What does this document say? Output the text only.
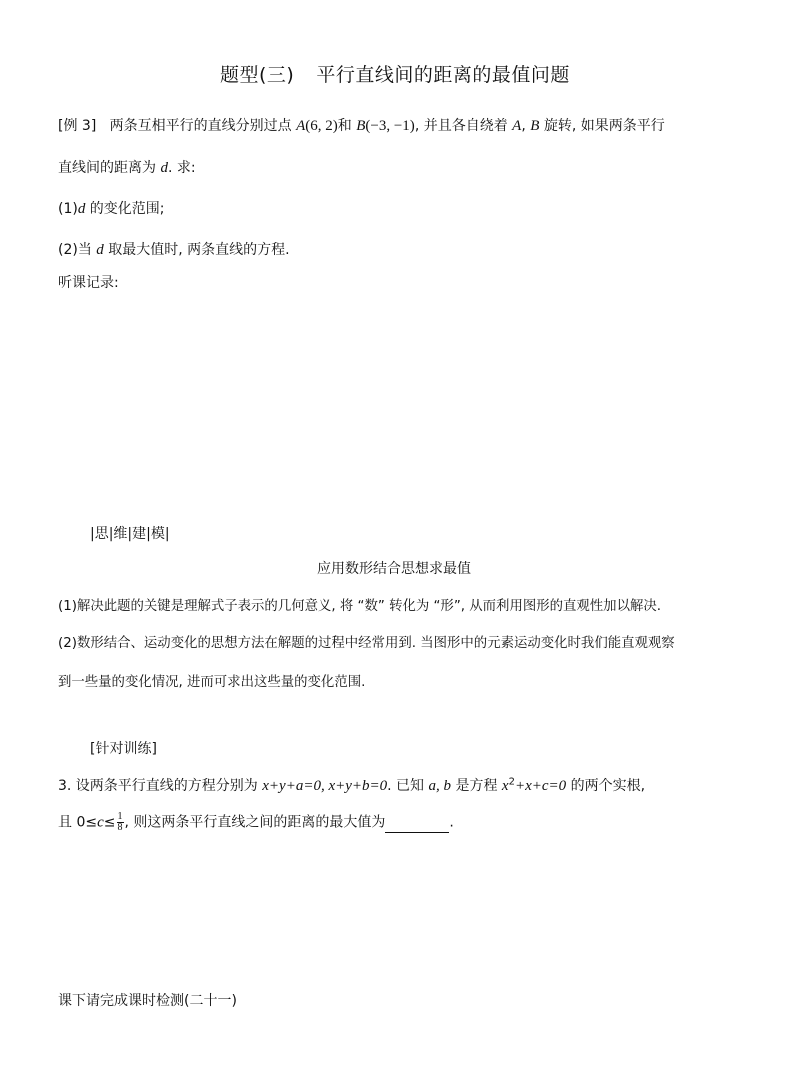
题型(三) 平行直线间的距离的最值问题
[例 3] 两条互相平行的直线分别过点 A(6, 2)和 B(−3, −1), 并且各自绕着 A, B 旋转, 如果两条平行
直线间的距离为 d. 求:
(1)d 的变化范围;
(2)当 d 取最大值时, 两条直线的方程.
听课记录:
|思|维|建|模|
应用数形结合思想求最值
(1)解决此题的关键是理解式子表示的几何意义, 将 “数” 转化为 “形”, 从而利用图形的直观性加以解决.
(2)数形结合、运动变化的思想方法在解题的过程中经常用到. 当图形中的元素运动变化时我们能直观观察
到一些量的变化情况, 进而可求出这些量的变化范围.
[针对训练]
3. 设两条平行直线的方程分别为 x+y+a=0, x+y+b=0. 已知 a, b 是方程 $x^2+x+c=0$ 的两个实根,
且 $0\le c\le \frac{1}{8}$ , 则这两条平行直线之间的距离的最大值为	.
课下请完成课时检测(二十一)
